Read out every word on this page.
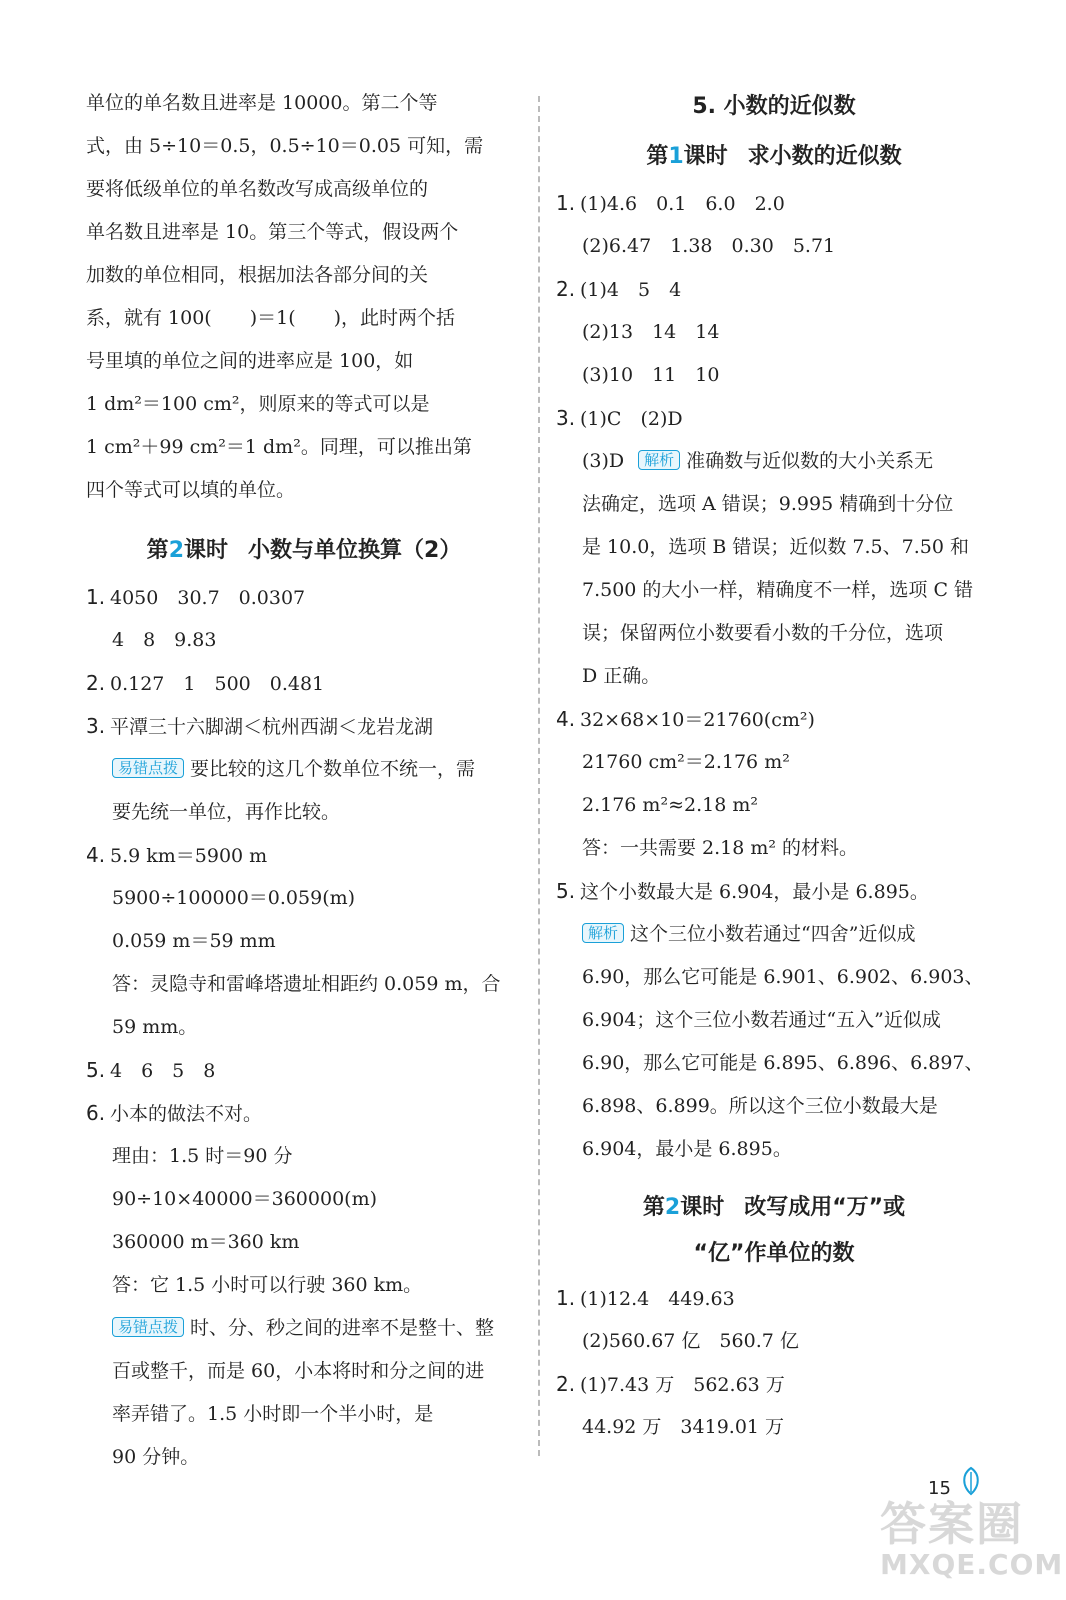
单位的单名数且进率是 10000。第二个等
式，由 5÷10＝0.5，0.5÷10＝0.05 可知，需
要将低级单位的单名数改写成高级单位的
单名数且进率是 10。第三个等式，假设两个
加数的单位相同，根据加法各部分间的关
系，就有 100(　　)＝1(　　)，此时两个括
号里填的单位之间的进率应是 100，如
1 dm²＝100 cm²，则原来的等式可以是
1 cm²＋99 cm²＝1 dm²。同理，可以推出第
四个等式可以填的单位。
第2课时 小数与单位换算（2）
1. 4050　30.7　0.0307
4　8　9.83
2. 0.127　1　500　0.481
3. 平潭三十六脚湖＜杭州西湖＜龙岩龙湖
易错点拨 要比较的这几个数单位不统一，需
要先统一单位，再作比较。
4. 5.9 km＝5900 m
5900÷100000＝0.059(m)
0.059 m＝59 mm
答：灵隐寺和雷峰塔遗址相距约 0.059 m，合
59 mm。
5. 4　6　5　8
6. 小本的做法不对。
理由：1.5 时＝90 分
90÷10×40000＝360000(m)
360000 m＝360 km
答：它 1.5 小时可以行驶 360 km。
易错点拨 时、分、秒之间的进率不是整十、整
百或整千，而是 60，小本将时和分之间的进
率弄错了。1.5 小时即一个半小时，是
90 分钟。
5. 小数的近似数
第1课时 求小数的近似数
1. (1)4.6　0.1　6.0　2.0
(2)6.47　1.38　0.30　5.71
2. (1)4　5　4
(2)13　14　14
(3)10　11　10
3. (1)C　(2)D
(3)D 解析 准确数与近似数的大小关系无
法确定，选项 A 错误；9.995 精确到十分位
是 10.0，选项 B 错误；近似数 7.5、7.50 和
7.500 的大小一样，精确度不一样，选项 C 错
误；保留两位小数要看小数的千分位，选项
D 正确。
4. 32×68×10＝21760(cm²)
21760 cm²＝2.176 m²
2.176 m²≈2.18 m²
答：一共需要 2.18 m² 的材料。
5. 这个小数最大是 6.904，最小是 6.895。
解析 这个三位小数若通过“四舍”近似成
6.90，那么它可能是 6.901、6.902、6.903、
6.904；这个三位小数若通过“五入”近似成
6.90，那么它可能是 6.895、6.896、6.897、
6.898、6.899。所以这个三位小数最大是
6.904，最小是 6.895。
第2课时 改写成用“万”或
“亿”作单位的数
1. (1)12.4　449.63
(2)560.67 亿　560.7 亿
2. (1)7.43 万　562.63 万
44.92 万　3419.01 万
15
答案圈
MXQE.COM
